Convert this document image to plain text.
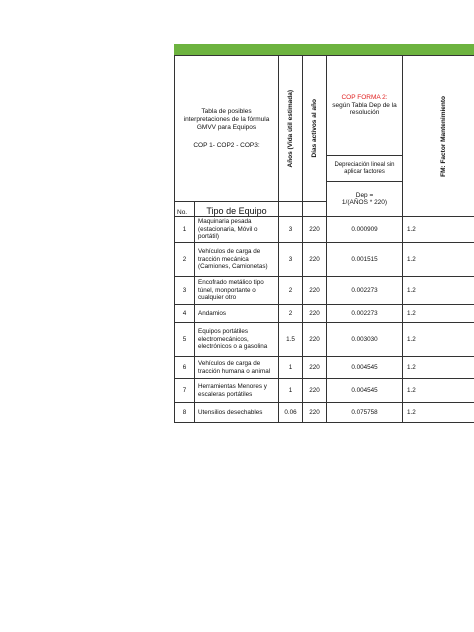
Tabla de posibles interpretaciones de la fórmula GMVV para Equipos
COP 1- COP2 - COP3:		Años (Vida útil estimada)	Días activos al año	COP FORMA 2:
según Tabla Dep de la resolución	FM: Factor Mantenimiento

				Depreciación lineal sin aplicar factores	
				Dep =
1/(AÑOS * 220)	
No.	Tipo de Equipo				
1	Maquinaria pesada (estacionaria, Móvil o portátil)	3	220	0.000909	1.2
2	Vehículos de carga de tracción mecánica (Camiones, Camionetas)	3	220	0.001515	1.2
3	Encofrado metálico tipo túnel, monportante o cualquier otro	2	220	0.002273	1.2
4	Andamios	2	220	0.002273	1.2
5	Equipos portátiles electromecánicos, electrónicos o a gasolina	1.5	220	0.003030	1.2
6	Vehículos de carga de tracción humana o animal	1	220	0.004545	1.2
7	Herramientas Menores y escaleras portátiles	1	220	0.004545	1.2
8	Utensilios desechables	0.06	220	0.075758	1.2
